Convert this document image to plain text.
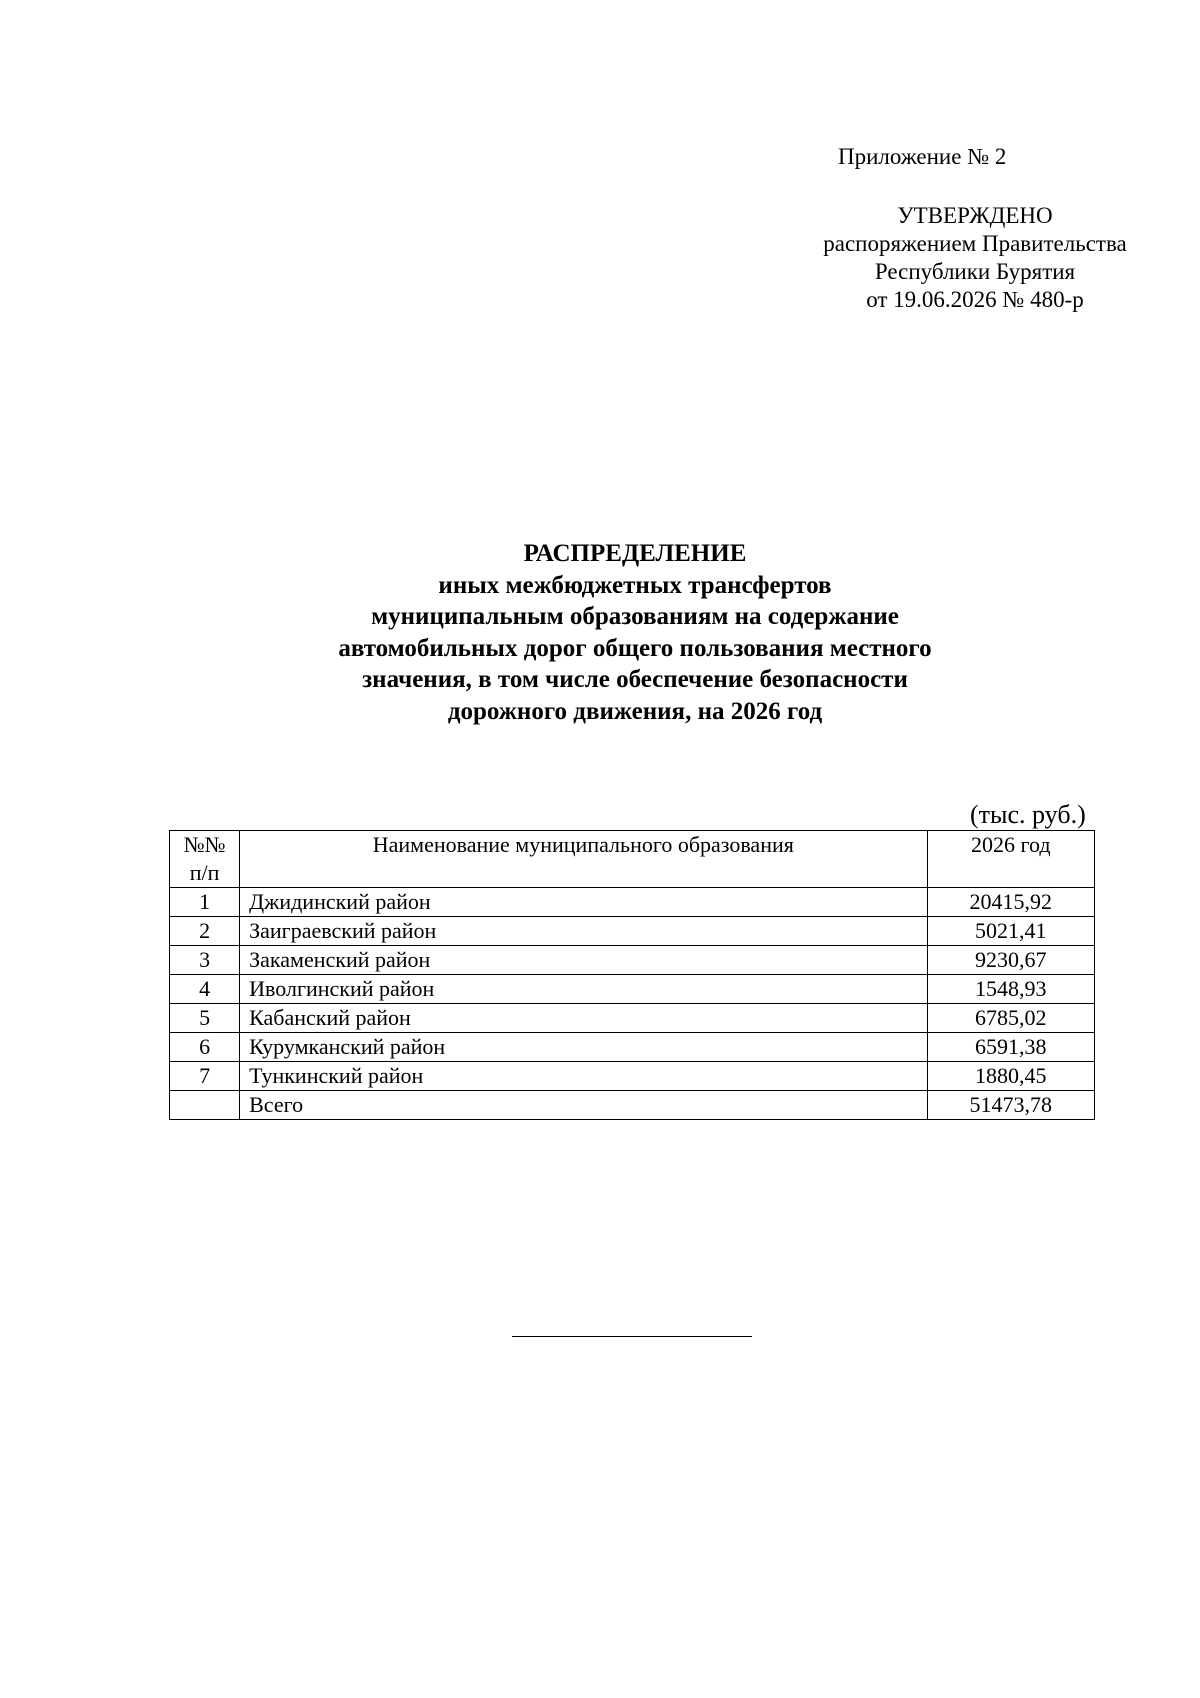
Приложение № 2
УТВЕРЖДЕНО
распоряжением Правительства
Республики Бурятия
от 19.06.2026 № 480-р
РАСПРЕДЕЛЕНИЕ
иных межбюджетных трансфертов
муниципальным образованиям на содержание
автомобильных дорог общего пользования местного
значения, в том числе обеспечение безопасности
дорожного движения, на 2026 год
(тыс. руб.)
№№
п/п	Наименование муниципального образования	2026 год
1	Джидинский район	20415,92
2	Заиграевский район	5021,41
3	Закаменский район	9230,67
4	Иволгинский район	1548,93
5	Кабанский район	6785,02
6	Курумканский район	6591,38
7	Тункинский район	1880,45
	Всего	51473,78
